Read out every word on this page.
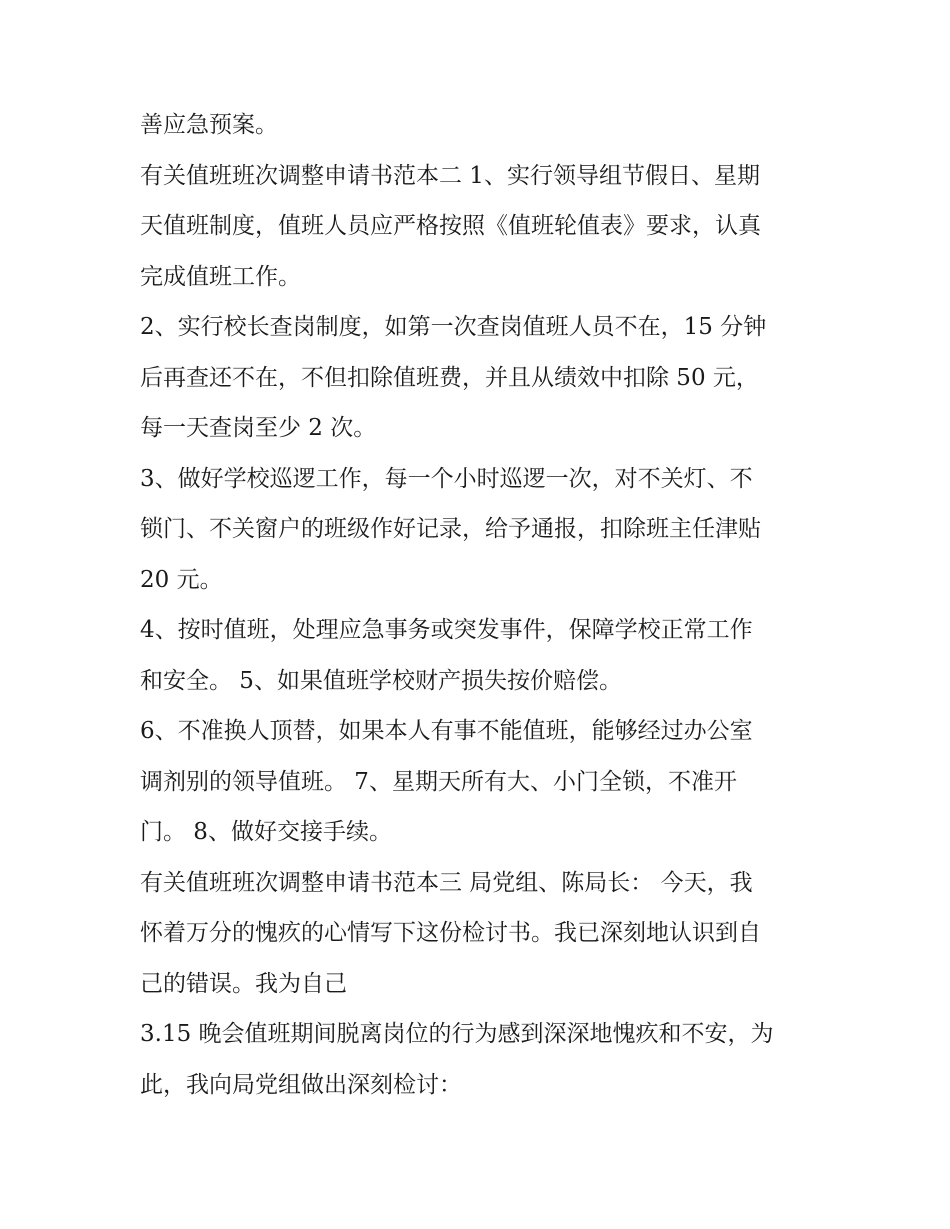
善应急预案。
有关值班班次调整申请书范本二 1、实行领导组节假日、星期
天值班制度，值班人员应严格按照《值班轮值表》要求，认真
完成值班工作。
2、实行校长查岗制度，如第一次查岗值班人员不在，15 分钟
后再查还不在，不但扣除值班费，并且从绩效中扣除 50 元，
每一天查岗至少 2 次。
3、做好学校巡逻工作，每一个小时巡逻一次，对不关灯、不
锁门、不关窗户的班级作好记录，给予通报，扣除班主任津贴
20 元。
4、按时值班，处理应急事务或突发事件，保障学校正常工作
和安全。 5、如果值班学校财产损失按价赔偿。
6、不准换人顶替，如果本人有事不能值班，能够经过办公室
调剂别的领导值班。 7、星期天所有大、小门全锁，不准开
门。 8、做好交接手续。
有关值班班次调整申请书范本三 局党组、陈局长： 今天，我
怀着万分的愧疚的心情写下这份检讨书。我已深刻地认识到自
己的错误。我为自己
3.15 晚会值班期间脱离岗位的行为感到深深地愧疚和不安，为
此，我向局党组做出深刻检讨：
